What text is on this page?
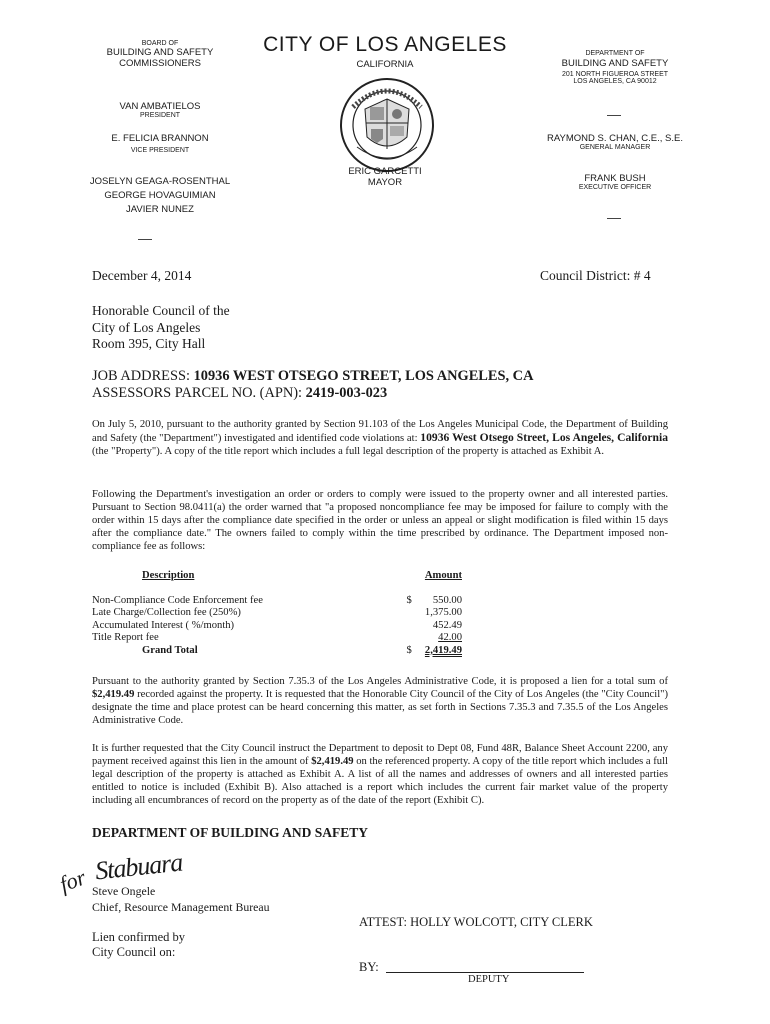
BOARD OF
BUILDING AND SAFETY
COMMISSIONERS
VAN AMBATIELOS
PRESIDENT
E. FELICIA BRANNON
VICE PRESIDENT
JOSELYN GEAGA-ROSENTHAL
GEORGE HOVAGUIMIAN
JAVIER NUNEZ
CITY OF LOS ANGELES
CALIFORNIA
ERIC GARCETTI
MAYOR
DEPARTMENT OF
BUILDING AND SAFETY
201 NORTH FIGUEROA STREET
LOS ANGELES, CA 90012
RAYMOND S. CHAN, C.E., S.E.
GENERAL MANAGER
FRANK BUSH
EXECUTIVE OFFICER
December 4, 2014	Council District: # 4
Honorable Council of the
City of Los Angeles
Room 395, City Hall
JOB ADDRESS: 10936 WEST OTSEGO STREET, LOS ANGELES, CA
ASSESSORS PARCEL NO. (APN): 2419-003-023
On July 5, 2010, pursuant to the authority granted by Section 91.103 of the Los Angeles Municipal Code, the Department of Building and Safety (the "Department") investigated and identified code violations at: 10936 West Otsego Street, Los Angeles, California (the "Property"). A copy of the title report which includes a full legal description of the property is attached as Exhibit A.
Following the Department's investigation an order or orders to comply were issued to the property owner and all interested parties. Pursuant to Section 98.0411(a) the order warned that "a proposed noncompliance fee may be imposed for failure to comply with the order within 15 days after the compliance date specified in the order or unless an appeal or slight modification is filed within 15 days after the compliance date." The owners failed to comply within the time prescribed by ordinance. The Department imposed non-compliance fee as follows:
Description		Amount

Non-Compliance Code Enforcement fee	$	550.00
Late Charge/Collection fee (250%)		1,375.00
Accumulated Interest ( %/month)		452.49
Title Report fee		42.00
Grand Total	$	2,419.49
Pursuant to the authority granted by Section 7.35.3 of the Los Angeles Administrative Code, it is proposed a lien for a total sum of $2,419.49 recorded against the property. It is requested that the Honorable City Council of the City of Los Angeles (the "City Council") designate the time and place protest can be heard concerning this matter, as set forth in Sections 7.35.3 and 7.35.5 of the Los Angeles Administrative Code.
It is further requested that the City Council instruct the Department to deposit to Dept 08, Fund 48R, Balance Sheet Account 2200, any payment received against this lien in the amount of $2,419.49 on the referenced property. A copy of the title report which includes a full legal description of the property is attached as Exhibit A. A list of all the names and addresses of owners and all interested parties entitled to notice is included (Exhibit B). Also attached is a report which includes the current fair market value of the property including all encumbrances of record on the property as of the date of the report (Exhibit C).
DEPARTMENT OF BUILDING AND SAFETY
for Stabuara
Steve Ongele
Chief, Resource Management Bureau
ATTEST: HOLLY WOLCOTT, CITY CLERK
Lien confirmed by
City Council on:
BY:
DEPUTY
